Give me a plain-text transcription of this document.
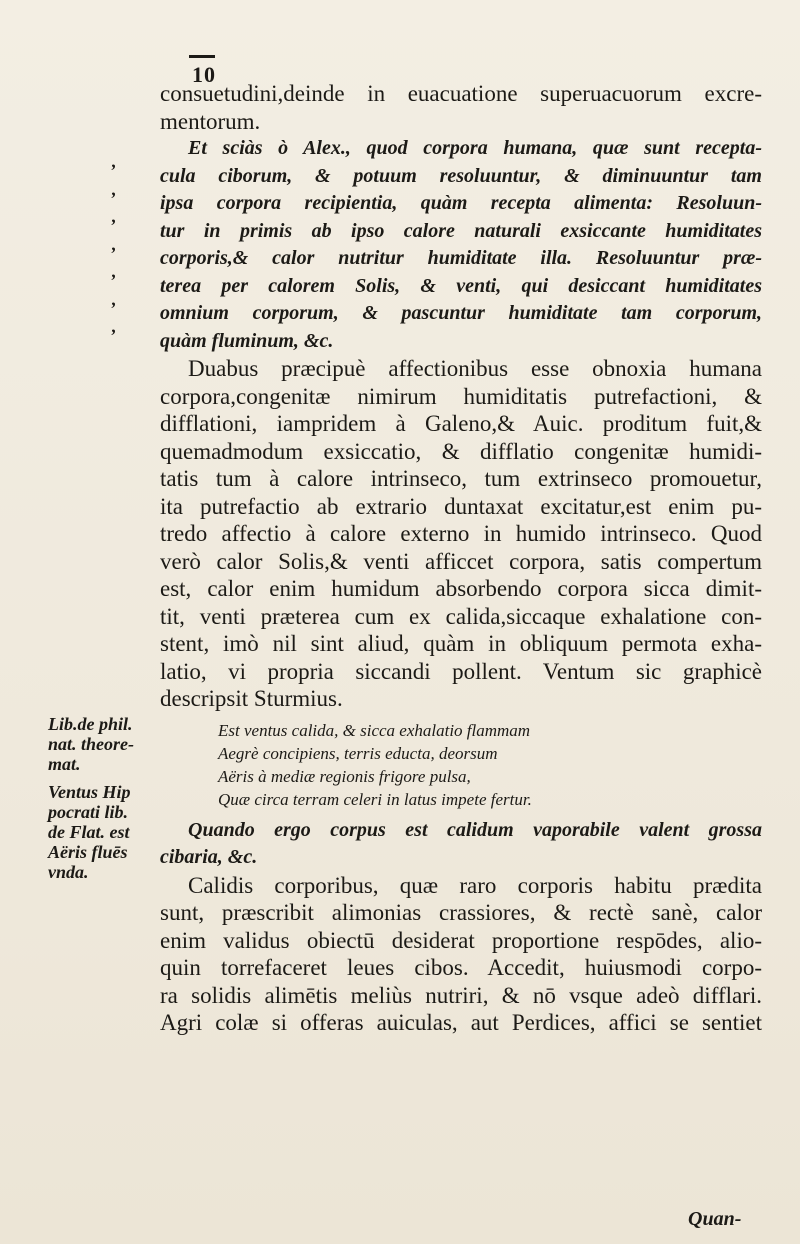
10
,
,
,
,
,
,
,
consuetudini,deinde in euacuatione superuacuorum excre-
mentorum.
Et sciàs ò Alex., quod corpora humana, quæ sunt recepta-
cula ciborum, & potuum resoluuntur, & diminuuntur tam
ipsa corpora recipientia, quàm recepta alimenta: Resoluun-
tur in primis ab ipso calore naturali exsiccante humiditates
corporis,& calor nutritur humiditate illa. Resoluuntur præ-
terea per calorem Solis, & venti, qui desiccant humiditates
omnium corporum, & pascuntur humiditate tam corporum,
quàm fluminum, &c.
Duabus præcipuè affectionibus esse obnoxia humana
corpora,congenitæ nimirum humiditatis putrefactioni, &
difflationi, iampridem à Galeno,& Auic. proditum fuit,&
quemadmodum exsiccatio, & difflatio congenitæ humidi-
tatis tum à calore intrinseco, tum extrinseco promouetur,
ita putrefactio ab extrario duntaxat excitatur,est enim pu-
tredo affectio à calore externo in humido intrinseco. Quod
verò calor Solis,& venti afficcet corpora, satis compertum
est, calor enim humidum absorbendo corpora sicca dimit-
tit, venti præterea cum ex calida,siccaque exhalatione con-
stent, imò nil sint aliud, quàm in obliquum permota exha-
latio, vi propria siccandi pollent. Ventum sic graphicè
descripsit Sturmius.
Est ventus calida, & sicca exhalatio flammam
Aegrè concipiens, terris educta, deorsum
Aëris à mediæ regionis frigore pulsa,
Quæ circa terram celeri in latus impete fertur.
Quando ergo corpus est calidum vaporabile valent grossa
cibaria, &c.
Calidis corporibus, quæ raro corporis habitu prædita
sunt, præscribit alimonias crassiores, & rectè sanè, calor
enim validus obiectū desiderat proportione respōdes, alio-
quin torrefaceret leues cibos. Accedit, huiusmodi corpo-
ra solidis alimētis meliùs nutriri, & nō vsque adeò difflari.
Agri colæ si offeras auiculas, aut Perdices, affici se sentiet
Lib.de phil.
nat. theore-
mat.
Ventus Hip
pocrati lib.
de Flat. est
Aëris fluēs
vnda.
Quan-
